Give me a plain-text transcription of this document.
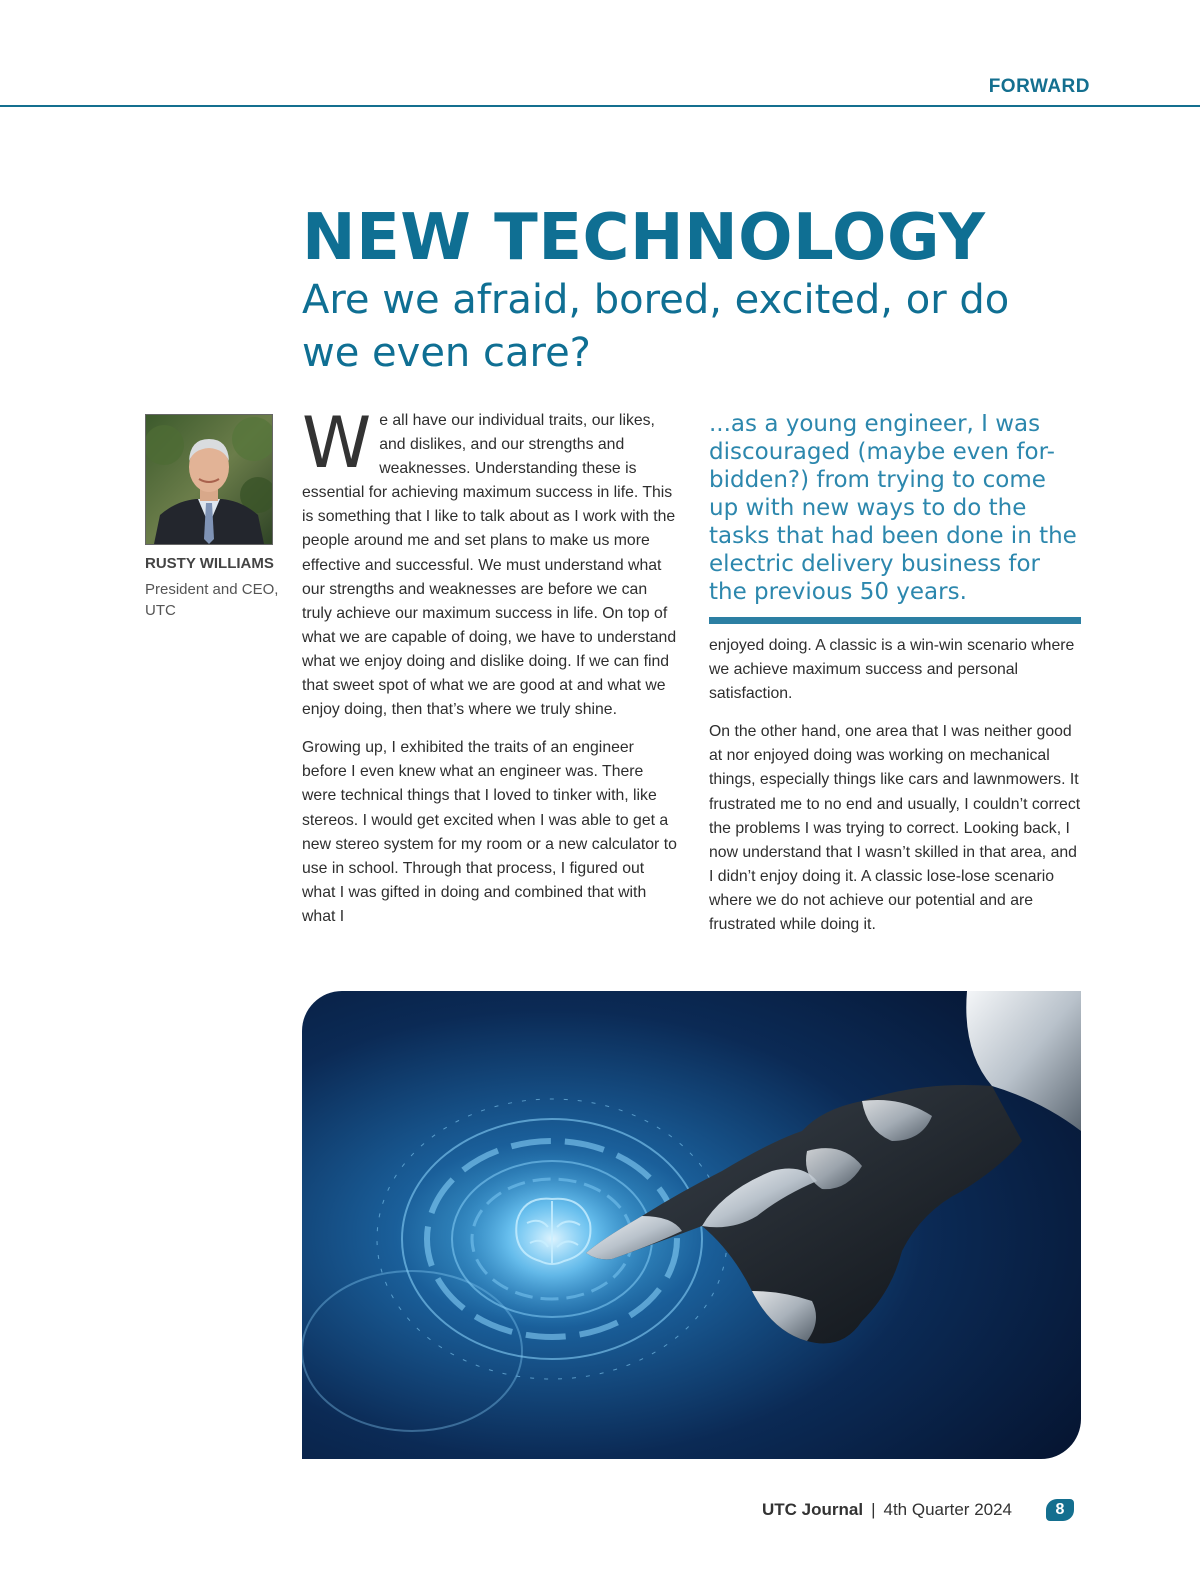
FORWARD
NEW TECHNOLOGY
Are we afraid, bored, excited, or do we even care?
RUSTY WILLIAMS
President and CEO, UTC

We all have our individual traits, our likes, and dislikes, and our strengths and weaknesses. Understanding these is essential for achieving maximum success in life. This is something that I like to talk about as I work with the people around me and set plans to make us more effective and successful. We must understand what our strengths and weaknesses are before we can truly achieve our maximum success in life. On top of what we are capable of doing, we have to understand what we enjoy doing and dislike doing. If we can find that sweet spot of what we are good at and what we enjoy doing, then that’s where we truly shine.

Growing up, I exhibited the traits of an engineer before I even knew what an engineer was. There were technical things that I loved to tinker with, like stereos. I would get excited when I was able to get a new stereo system for my room or a new calculator to use in school. Through that process, I figured out what I was gifted in doing and combined that with what I

...as a young engineer, I was discouraged (maybe even for-bidden?) from trying to come up with new ways to do the tasks that had been done in the electric delivery business for the previous 50 years.

enjoyed doing. A classic is a win-win scenario where we achieve maximum success and personal satisfaction.

On the other hand, one area that I was neither good at nor enjoyed doing was working on mechanical things, especially things like cars and lawnmowers. It frustrated me to no end and usually, I couldn’t correct the problems I was trying to correct. Looking back, I now understand that I wasn’t skilled in that area, and I didn’t enjoy doing it. A classic lose-lose scenario where we do not achieve our potential and are frustrated while doing it.

UTC Journal | 4th Quarter 2024	8
